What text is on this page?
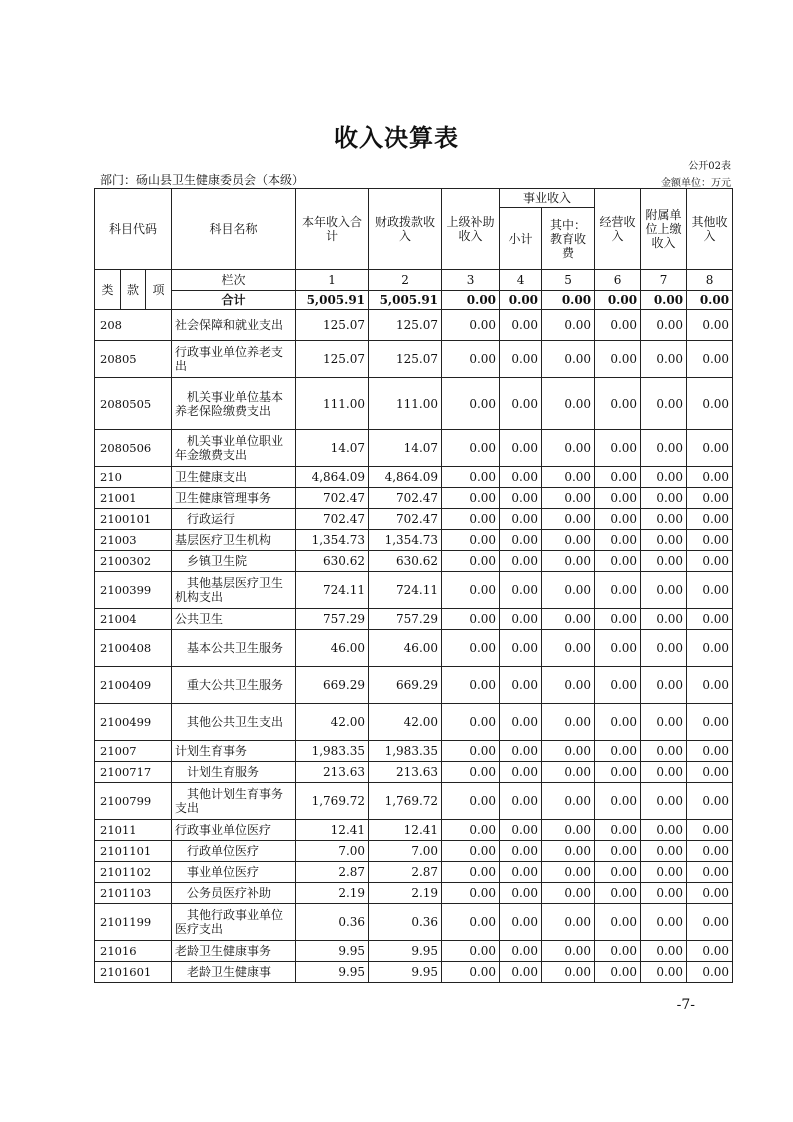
收入决算表
公开02表
部门：砀山县卫生健康委员会（本级）	金额单位：万元
科目代码			科目名称	本年收入合计	财政拨款收入	上级补助收入	事业收入		经营收入	附属单位上缴收入	其他收入
							小计	其中：教育收费			
类	款	项	栏次	1	2	3	4	5	6	7	8
			合计	5,005.91	5,005.91	0.00	0.00	0.00	0.00	0.00	0.00
208			社会保障和就业支出	125.07	125.07	0.00	0.00	0.00	0.00	0.00	0.00
20805			行政事业单位养老支出	125.07	125.07	0.00	0.00	0.00	0.00	0.00	0.00
2080505			机关事业单位基本养老保险缴费支出	111.00	111.00	0.00	0.00	0.00	0.00	0.00	0.00
2080506			机关事业单位职业年金缴费支出	14.07	14.07	0.00	0.00	0.00	0.00	0.00	0.00
210			卫生健康支出	4,864.09	4,864.09	0.00	0.00	0.00	0.00	0.00	0.00
21001			卫生健康管理事务	702.47	702.47	0.00	0.00	0.00	0.00	0.00	0.00
2100101			行政运行	702.47	702.47	0.00	0.00	0.00	0.00	0.00	0.00
21003			基层医疗卫生机构	1,354.73	1,354.73	0.00	0.00	0.00	0.00	0.00	0.00
2100302			乡镇卫生院	630.62	630.62	0.00	0.00	0.00	0.00	0.00	0.00
2100399			其他基层医疗卫生机构支出	724.11	724.11	0.00	0.00	0.00	0.00	0.00	0.00
21004			公共卫生	757.29	757.29	0.00	0.00	0.00	0.00	0.00	0.00
2100408			基本公共卫生服务	46.00	46.00	0.00	0.00	0.00	0.00	0.00	0.00
2100409			重大公共卫生服务	669.29	669.29	0.00	0.00	0.00	0.00	0.00	0.00
2100499			其他公共卫生支出	42.00	42.00	0.00	0.00	0.00	0.00	0.00	0.00
21007			计划生育事务	1,983.35	1,983.35	0.00	0.00	0.00	0.00	0.00	0.00
2100717			计划生育服务	213.63	213.63	0.00	0.00	0.00	0.00	0.00	0.00
2100799			其他计划生育事务支出	1,769.72	1,769.72	0.00	0.00	0.00	0.00	0.00	0.00
21011			行政事业单位医疗	12.41	12.41	0.00	0.00	0.00	0.00	0.00	0.00
2101101			行政单位医疗	7.00	7.00	0.00	0.00	0.00	0.00	0.00	0.00
2101102			事业单位医疗	2.87	2.87	0.00	0.00	0.00	0.00	0.00	0.00
2101103			公务员医疗补助	2.19	2.19	0.00	0.00	0.00	0.00	0.00	0.00
2101199			其他行政事业单位医疗支出	0.36	0.36	0.00	0.00	0.00	0.00	0.00	0.00
21016			老龄卫生健康事务	9.95	9.95	0.00	0.00	0.00	0.00	0.00	0.00
2101601			老龄卫生健康事	9.95	9.95	0.00	0.00	0.00	0.00	0.00	0.00
-7-
